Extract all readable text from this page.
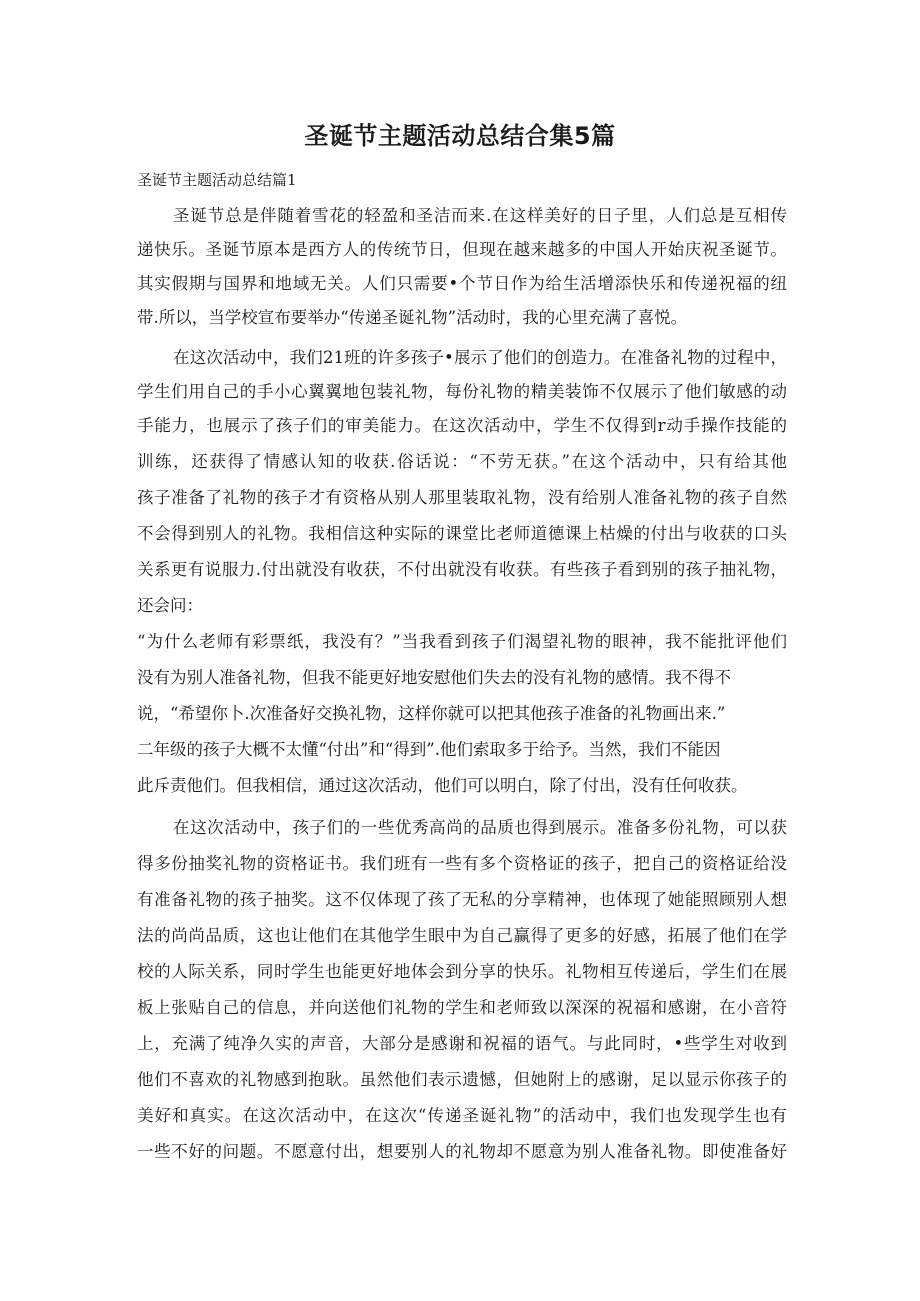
圣诞节主题活动总结合集5篇
圣诞节主题活动总结篇1
圣诞节总是伴随着雪花的轻盈和圣洁而来.在这样美好的日子里，人们总是互相传
递快乐。圣诞节原本是西方人的传统节日，但现在越来越多的中国人开始庆祝圣诞节。
其实假期与国界和地域无关。人们只需要•个节日作为给生活增添快乐和传递祝福的纽
带.所以，当学校宣布要举办“传递圣诞礼物”活动时，我的心里充满了喜悦。
在这次活动中，我们21班的许多孩子•展示了他们的创造力。在准备礼物的过程中，
学生们用自己的手小心翼翼地包装礼物，每份礼物的精美装饰不仅展示了他们敏感的动
手能力，也展示了孩子们的审美能力。在这次活动中，学生不仅得到r动手操作技能的
训练，还获得了情感认知的收获.俗话说：“不劳无获。”在这个活动中，只有给其他
孩子准备了礼物的孩子才有资格从别人那里装取礼物，没有给别人准备礼物的孩子自然
不会得到别人的礼物。我相信这种实际的课堂比老师道德课上枯燥的付出与收获的口头
关系更有说服力.付出就没有收获，不付出就没有收获。有些孩子看到别的孩子抽礼物，
还会问：
“为什么老师有彩票纸，我没有？”当我看到孩子们渴望礼物的眼神，我不能批评他们
没有为别人准备礼物，但我不能更好地安慰他们失去的没有礼物的感情。我不得不
说，“希望你卜.次准备好交换礼物，这样你就可以把其他孩子准备的礼物画出来.”
二年级的孩子大概不太懂“付出”和“得到”.他们索取多于给予。当然，我们不能因
此斥责他们。但我相信，通过这次活动，他们可以明白，除了付出，没有任何收获。
在这次活动中，孩子们的一些优秀高尚的品质也得到展示。准备多份礼物，可以获
得多份抽奖礼物的资格证书。我们班有一些有多个资格证的孩子，把自己的资格证给没
有准备礼物的孩子抽奖。这不仅体现了孩了无私的分享精神，也体现了她能照顾别人想
法的尚尚品质，这也让他们在其他学生眼中为自己赢得了更多的好感，拓展了他们在学
校的人际关系，同时学生也能更好地体会到分享的快乐。礼物相互传递后，学生们在展
板上张贴自己的信息，并向送他们礼物的学生和老师致以深深的祝福和感谢，在小音符
上，充满了纯净久实的声音，大部分是感谢和祝福的语气。与此同时，•些学生对收到
他们不喜欢的礼物感到抱耿。虽然他们表示遗憾，但她附上的感谢，足以显示你孩子的
美好和真实。在这次活动中，在这次“传递圣诞礼物”的活动中，我们也发现学生也有
一些不好的问题。不愿意付出，想要别人的礼物却不愿意为别人准备礼物。即使准备好
